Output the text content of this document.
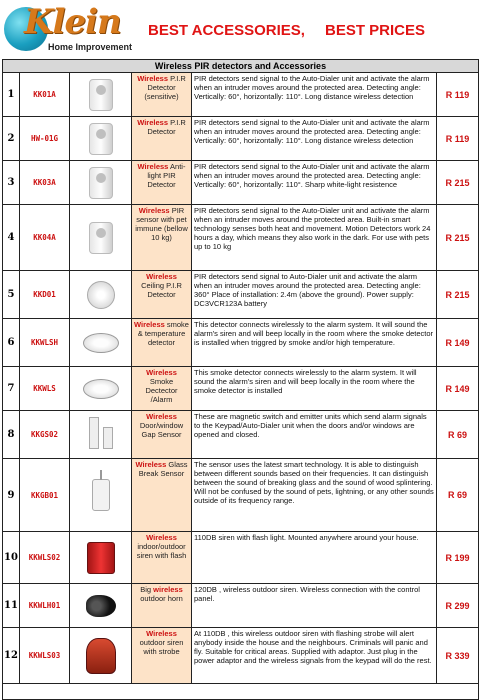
Klein
Home Improvement
BEST ACCESSORIES, BEST PRICES
Wireless PIR detectors and Accessories
1	KK01A
Wireless P.I.R Detector (sensitive)
PIR detectors send signal to the Auto-Dialer unit and activate the alarm when an intruder moves around the protected area. Detecting angle: Vertically: 60°, horizontally: 110°. Long distance wireless detection	R 119
2	HW-01G
Wireless P.I.R Detector
PIR detectors send signal to the Auto-Dialer unit and activate the alarm when an intruder moves around the protected area. Detecting angle: Vertically: 60°, horizontally: 110°. Long distance wireless detection	R 119
3	KK03A
Wireless Anti-light PIR Detector
PIR detectors send signal to the Auto-Dialer unit and activate the alarm when an intruder moves around the protected area. Detecting angle: Vertically: 60°, horizontally: 110°. Sharp white-light resistence	R 215
4	KK04A
Wireless PIR sensor with pet immune (bellow 10 kg)
PIR detectors send signal to the Auto-Dialer unit and activate the alarm when an intruder moves around the protected area. Built-in smart technology senses both heat and movement. Motion Detectors work 24 hours a day, which means they also work in the dark. For use with pets up to 10 kg
R 215
5	KKD01
Wireless Ceiling P.I.R Detector
PIR detectors send signal to Auto-Dialer unit and activate the alarm when an intruder moves around the protected area. Detecting angle: 360° Place of installation: 2.4m (above the ground). Power supply: DC3VCR123A battery
R 215
6	KKWLSH
Wireless smoke & temperature detector
This detector connects wirelessly to the alarm system. It will sound the alarm's siren and will beep locally in the room where the smoke detector is installed when triggred by smoke and/or high temperature.	R 149
7	KKWLS
Wireless Smoke Dectector /Alarm
This smoke detector connects wirelessly to the alarm system. It will sound the alarm's siren and will beep locally in the room where the smoke detector is installed	R 149
8	KKGS02
Wireless Door/window Gap Sensor
These are magnetic switch and emitter units which send alarm signals to the Keypad/Auto-Dialer unit when the doors and/or windows are opened and closed.	R 69
9	KKGB01
Wireless Glass Break Sensor
The sensor uses the latest smart technology. It is able to distinguish between different sounds based on their frequencies. It can distinguish between the sound of breaking glass and the sound of wood splintering. Will not be confused by the sound of pets, lightning, or any other sounds outside of its frequency range.
R 69
10	KKWLS02
Wireless indoor/outdoor siren with flash
110DB siren with flash light. Mounted anywhere around your house.
R 199
11	KKWLH01
Big wireless outdoor horn
120DB , wireless outdoor siren. Wireless connection with the control panel.
R 299
12	KKWLS03
Wireless outdoor siren with strobe
At 110DB , this wireless outdoor siren with flashing strobe will alert anybody inside the house and the neighbours. Criminals will panic and fly. Suitable for critical areas. Supplied with adaptor. Just plug in the power adaptor and the wireless signals from the keypad will do the rest.	R 339
